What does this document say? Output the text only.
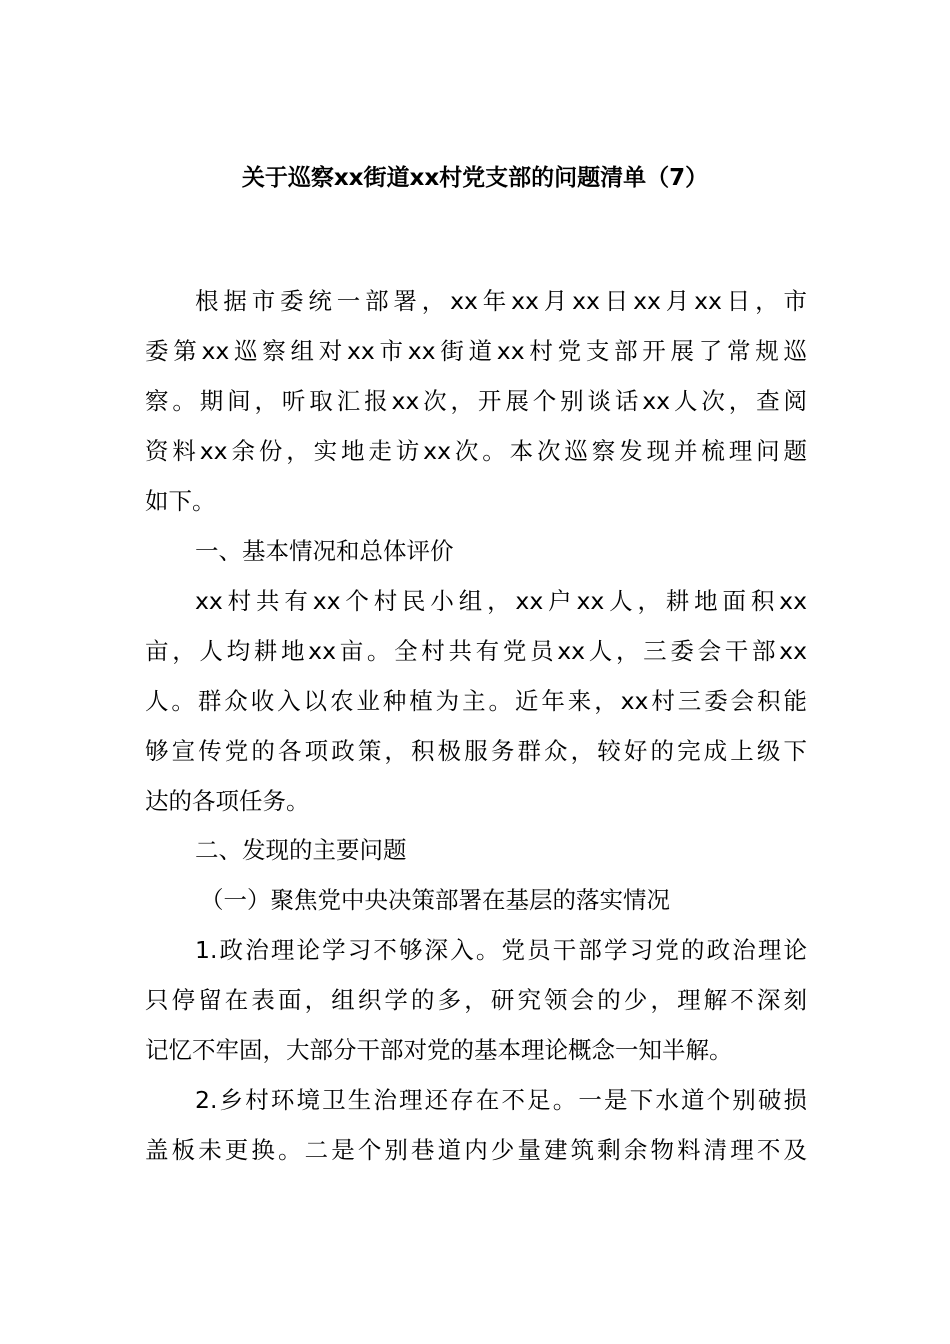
关于巡察xx街道xx村党支部的问题清单（7）
根据市委统一部署，xx年xx月xx日xx月xx日，市
委第xx巡察组对xx市xx街道xx村党支部开展了常规巡
察。期间，听取汇报xx次，开展个别谈话xx人次，查阅
资料xx余份，实地走访xx次。本次巡察发现并梳理问题
如下。
一、基本情况和总体评价
xx村共有xx个村民小组，xx户xx人，耕地面积xx
亩，人均耕地xx亩。全村共有党员xx人，三委会干部xx
人。群众收入以农业种植为主。近年来，xx村三委会积能
够宣传党的各项政策，积极服务群众，较好的完成上级下
达的各项任务。
二、发现的主要问题
（一）聚焦党中央决策部署在基层的落实情况
1.政治理论学习不够深入。党员干部学习党的政治理论
只停留在表面，组织学的多，研究领会的少，理解不深刻
记忆不牢固，大部分干部对党的基本理论概念一知半解。
2.乡村环境卫生治理还存在不足。一是下水道个别破损
盖板未更换。二是个别巷道内少量建筑剩余物料清理不及
